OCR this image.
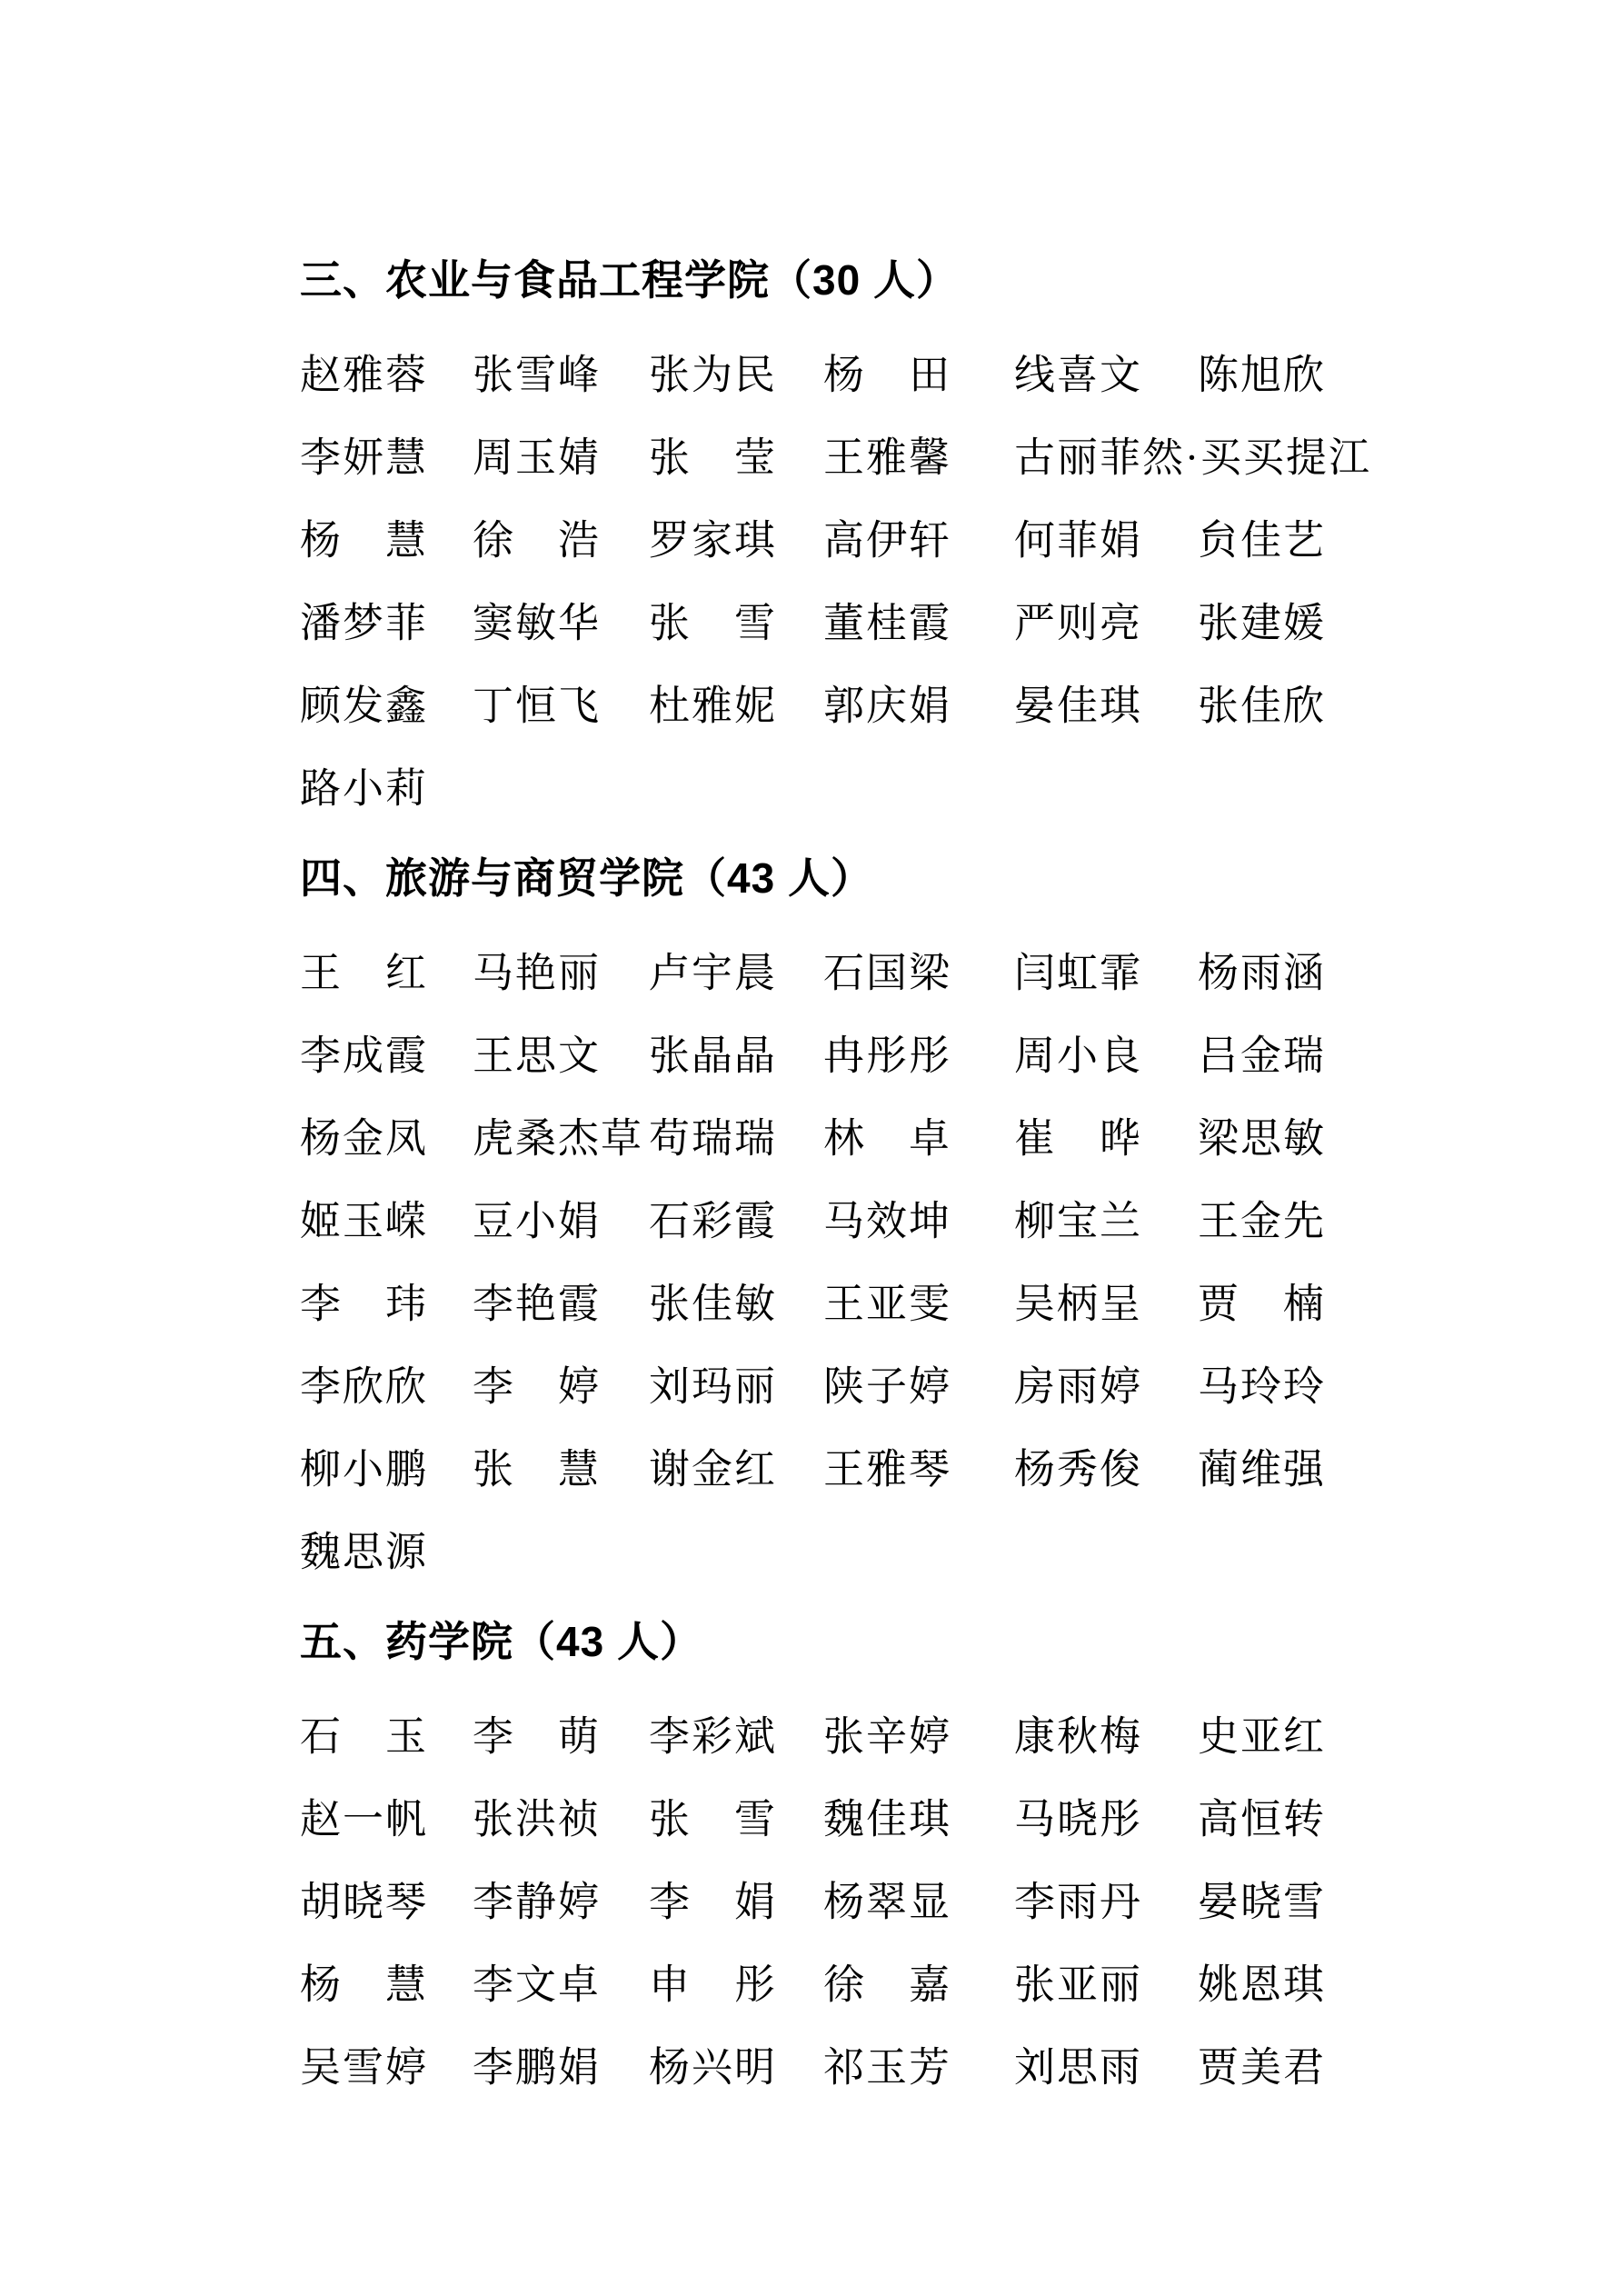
三、农业与食品工程学院（30 人）
赵雅蓉 张雪峰 张为民 杨　田 线喜文 陈旭欣
李妍慧 周玉婧 张　莹 王雅馨 古丽菲然·买买提江
杨　慧 徐　浩 罗家琪 高伊轩 何菲娟 贠佳艺
潘梦菲 窦敏华 张　雪 董桂霞 严则亮 张建媛
顾发鑫 丁恒飞 杜雅妮 郭庆娟 晏佳琪 张佳欣
路小莉
四、旅游与商贸学院（43 人）
王　红 马艳丽 卢宇晨 石国梁 闫虹霏 杨雨涵
李成霞 王思文 张晶晶 冉彤彤 周小良 吕金瑞
杨金凤 虎桑杰草 苟瑞瑞 林　卓 崔　晔 梁思敏
姬玉嵘 豆小娟 石彩霞 马效坤 柳宝兰 王金先
李　玮 李艳霞 张佳敏 王亚雯 吴柄呈 贾　楠
李欣欣 李　婷 刘玛丽 陕子婷 房雨婷 马玲玲
柳小鹏 张　慧 谢金红 王雅琴 杨秀俊 蔺维强
魏思源
五、药学院（43 人）
石　玉 李　萌 李彩斌 张辛婷 康秋梅 史亚红
赵一帆 张洪祯 张　雪 魏佳琪 马晓彤 高恒转
胡晓琴 李静婷 李　娟 杨翠显 李雨丹 晏晓雪
杨　慧 李文卓 申　彤 徐　嘉 张亚丽 姚恩琪
吴雪婷 李鹏娟 杨兴明 祁玉芳 刘思雨 贾美君
